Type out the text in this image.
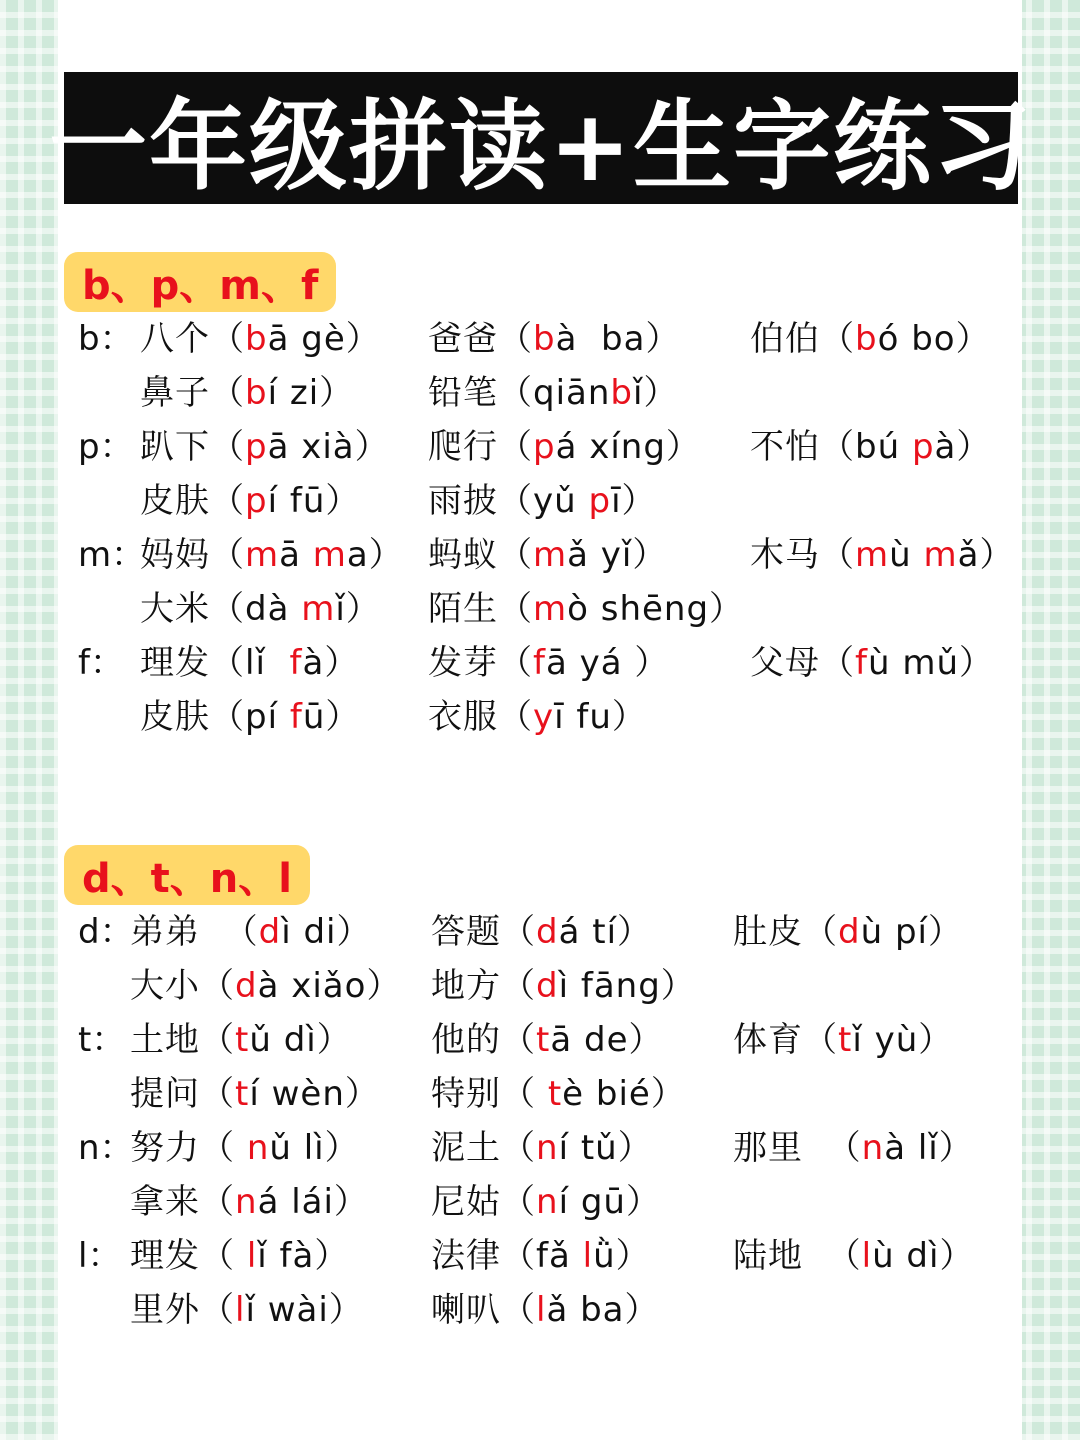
一年级拼读+生字练习
b、p、m、f
b： 八个（bā gè） 爸爸（bà  ba） 伯伯（bó bo）
鼻子（bí zi） 铅笔（qiānbǐ）
p： 趴下（pā xià） 爬行（pá xíng） 不怕（bú pà）
皮肤（pí fū） 雨披（yǔ pī）
m：
妈妈（mā ma） 蚂蚁（mǎ yǐ） 木马（mù mǎ）
大米（dà mǐ） 陌生（mò shēng）
f： 理发（lǐ  fà） 发芽（fā yá ） 父母（fù mǔ）
皮肤（pí fū） 衣服（yī fu）
d、t、n、l
d：
弟弟  （dì di） 答题（dá tí） 肚皮（dù pí）
大小（dà xiǎo） 地方（dì fāng）
t： 土地（tǔ dì） 他的（tā de） 体育（tǐ yù）
提问（tí wèn） 特别（ tè bié）
n：
努力（ nǔ lì） 泥土（ní tǔ） 那里  （nà lǐ）
拿来（ná lái） 尼姑（ní gū）
l： 理发（ lǐ fà） 法律（fǎ lǜ） 陆地  （lù dì）
里外（lǐ wài） 喇叭（lǎ ba）
